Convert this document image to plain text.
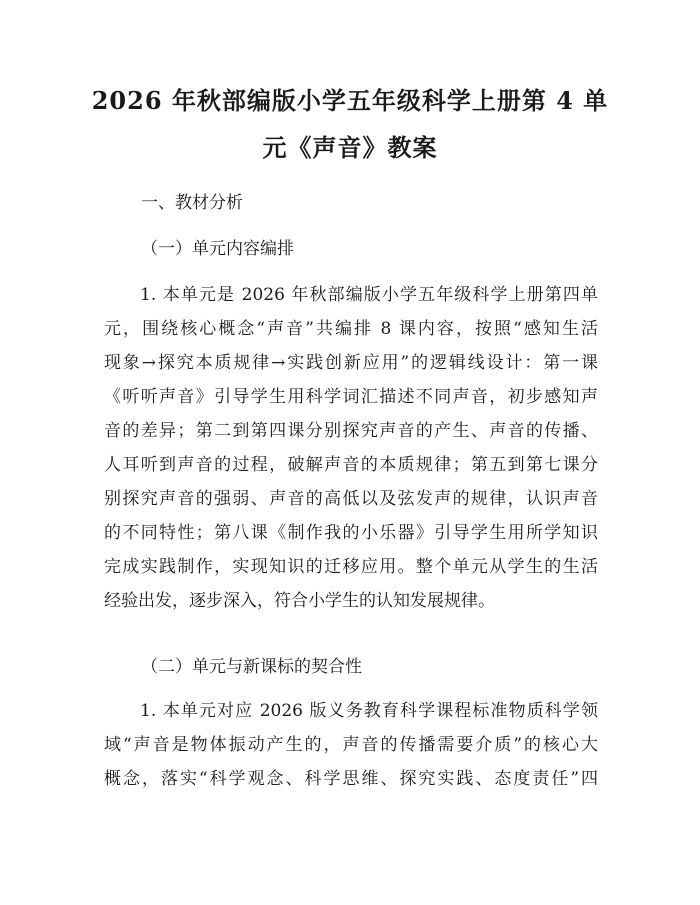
2026 年秋部编版小学五年级科学上册第 4 单
元《声音》教案

一、教材分析

（一）单元内容编排

1. 本单元是 2026 年秋部编版小学五年级科学上册第四单
元，围绕核心概念“声音”共编排 8 课内容，按照“感知生活
现象→探究本质规律→实践创新应用”的逻辑线设计：第一课
《听听声音》引导学生用科学词汇描述不同声音，初步感知声
音的差异；第二到第四课分别探究声音的产生、声音的传播、
人耳听到声音的过程，破解声音的本质规律；第五到第七课分
别探究声音的强弱、声音的高低以及弦发声的规律，认识声音
的不同特性；第八课《制作我的小乐器》引导学生用所学知识
完成实践制作，实现知识的迁移应用。整个单元从学生的生活
经验出发，逐步深入，符合小学生的认知发展规律。

（二）单元与新课标的契合性

1. 本单元对应 2026 版义务教育科学课程标准物质科学领
域“声音是物体振动产生的，声音的传播需要介质”的核心大
概念，落实“科学观念、科学思维、探究实践、态度责任”四
